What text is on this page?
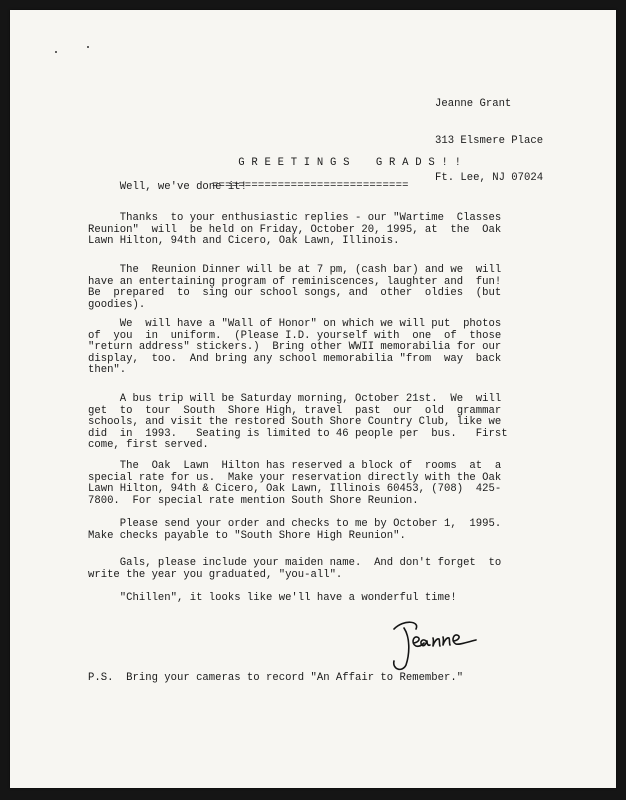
Jeanne Grant

313 Elsmere Place

Ft. Lee, NJ 07024

G R E E T I N G S    G R A D S ! !

==============================

Well, we've done it!
Thanks  to your enthusiastic replies - our "Wartime  Classes
Reunion"  will  be held on Friday, October 20, 1995, at  the  Oak
Lawn Hilton, 94th and Cicero, Oak Lawn, Illinois.
The  Reunion Dinner will be at 7 pm, (cash bar) and we  will
have an entertaining program of reminiscences, laughter and  fun!
Be  prepared  to  sing our school songs, and  other  oldies  (but
goodies).
We  will have a "Wall of Honor" on which we will put  photos
of  you  in  uniform.  (Please I.D. yourself with  one  of  those
"return address" stickers.)  Bring other WWII memorabilia for our
display,  too.  And bring any school memorabilia "from  way  back
then".
A bus trip will be Saturday morning, October 21st.  We  will
get  to  tour  South  Shore High, travel  past  our  old  grammar
schools, and visit the restored South Shore Country Club, like we
did  in  1993.   Seating is limited to 46 people per  bus.   First
come, first served.
The  Oak  Lawn  Hilton has reserved a block of  rooms  at  a
special rate for us.  Make your reservation directly with the Oak
Lawn Hilton, 94th & Cicero, Oak Lawn, Illinois 60453, (708)  425-
7800.  For special rate mention South Shore Reunion.
Please send your order and checks to me by October 1,  1995.
Make checks payable to "South Shore High Reunion".
Gals, please include your maiden name.  And don't forget  to
write the year you graduated, "you-all".
"Chillen", it looks like we'll have a wonderful time!
P.S.  Bring your cameras to record "An Affair to Remember."
